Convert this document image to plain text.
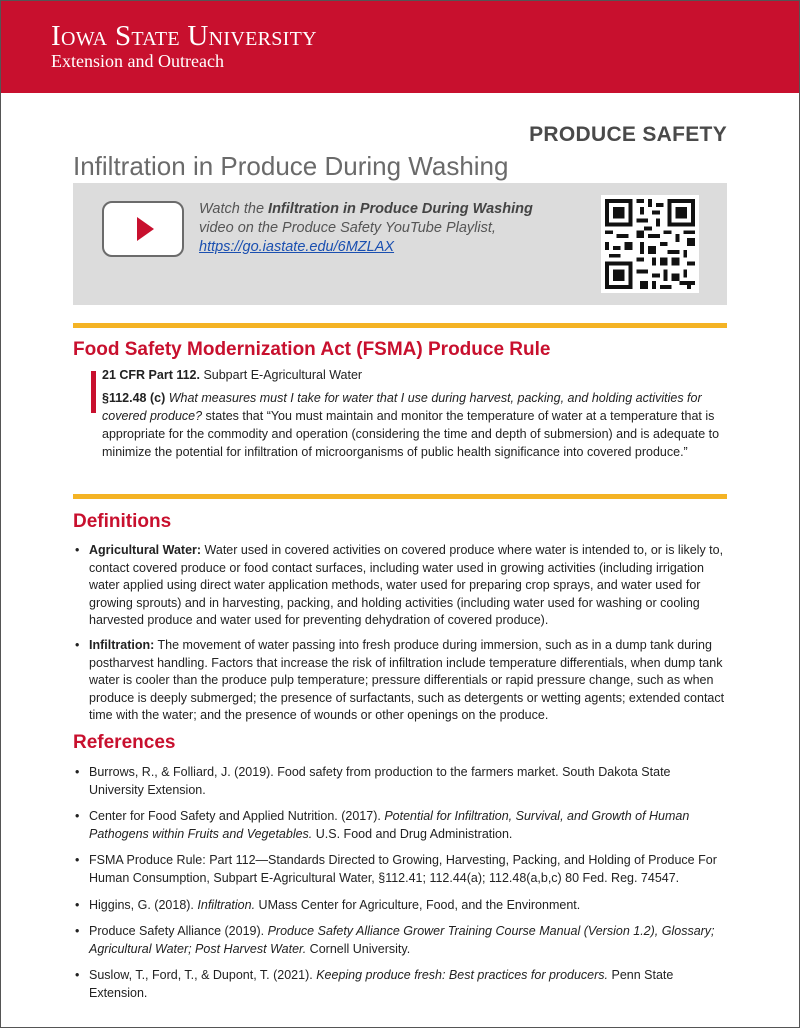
Iowa State University
Extension and Outreach
PRODUCE SAFETY
Infiltration in Produce During Washing
Watch the Infiltration in Produce During Washing video on the Produce Safety YouTube Playlist,
https://go.iastate.edu/6MZLAX
Food Safety Modernization Act (FSMA) Produce Rule
21 CFR Part 112. Subpart E-Agricultural Water
§112.48 (c) What measures must I take for water that I use during harvest, packing, and holding activities for covered produce? states that “You must maintain and monitor the temperature of water at a temperature that is appropriate for the commodity and operation (considering the time and depth of submersion) and is adequate to minimize the potential for infiltration of microorganisms of public health significance into covered produce.”
Definitions
• Agricultural Water: Water used in covered activities on covered produce where water is intended to, or is likely to, contact covered produce or food contact surfaces, including water used in growing activities (including irrigation water applied using direct water application methods, water used for preparing crop sprays, and water used for growing sprouts) and in harvesting, packing, and holding activities (including water used for washing or cooling harvested produce and water used for preventing dehydration of covered produce).
• Infiltration: The movement of water passing into fresh produce during immersion, such as in a dump tank during postharvest handling. Factors that increase the risk of infiltration include temperature differentials, when dump tank water is cooler than the produce pulp temperature; pressure differentials or rapid pressure change, such as when produce is deeply submerged; the presence of surfactants, such as detergents or wetting agents; extended contact time with the water; and the presence of wounds or other openings on the produce.
References
• Burrows, R., & Folliard, J. (2019). Food safety from production to the farmers market. South Dakota State University Extension.
• Center for Food Safety and Applied Nutrition. (2017). Potential for Infiltration, Survival, and Growth of Human Pathogens within Fruits and Vegetables. U.S. Food and Drug Administration.
• FSMA Produce Rule: Part 112—Standards Directed to Growing, Harvesting, Packing, and Holding of Produce For Human Consumption, Subpart E-Agricultural Water, §112.41; 112.44(a); 112.48(a,b,c) 80 Fed. Reg. 74547.
• Higgins, G. (2018). Infiltration. UMass Center for Agriculture, Food, and the Environment.
• Produce Safety Alliance (2019). Produce Safety Alliance Grower Training Course Manual (Version 1.2), Glossary; Agricultural Water; Post Harvest Water. Cornell University.
• Suslow, T., Ford, T., & Dupont, T. (2021). Keeping produce fresh: Best practices for producers. Penn State Extension.
